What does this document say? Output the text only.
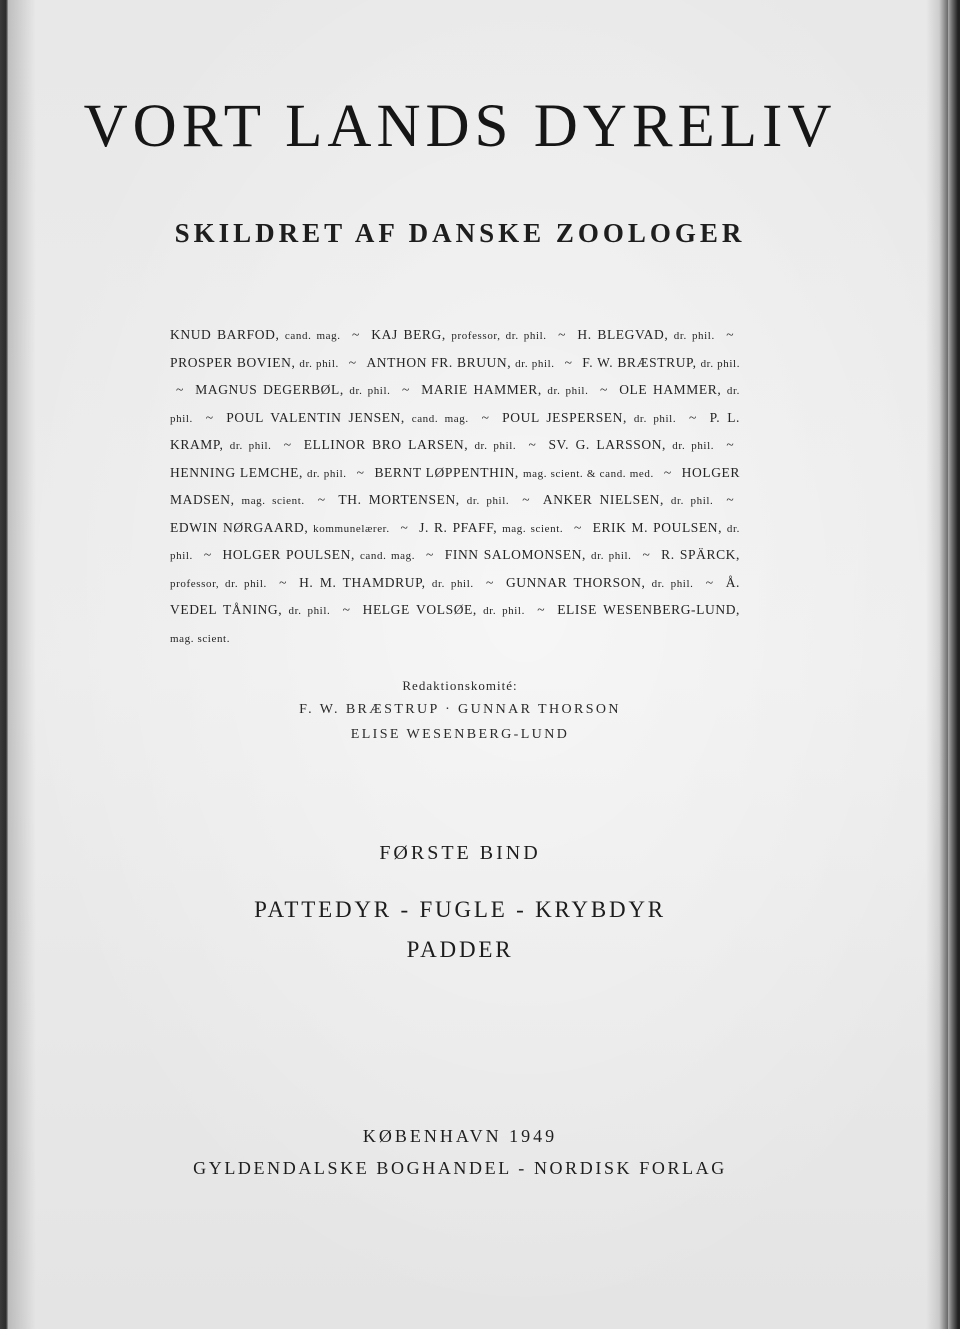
VORT LANDS DYRELIV
SKILDRET AF DANSKE ZOOLOGER

KNUD BARFOD, cand. mag. ~ KAJ BERG, professor, dr. phil. ~ H. BLEGVAD, dr. phil. ~ PROSPER BOVIEN, dr. phil. ~ ANTHON FR. BRUUN, dr. phil. ~ F. W. BRÆSTRUP, dr. phil. ~ MAGNUS DEGERBØL, dr. phil. ~ MARIE HAMMER, dr. phil. ~ OLE HAMMER, dr. phil. ~ POUL VALENTIN JENSEN, cand. mag. ~ POUL JESPERSEN, dr. phil. ~ P. L. KRAMP, dr. phil. ~ ELLINOR BRO LARSEN, dr. phil. ~ SV. G. LARSSON, dr. phil. ~ HENNING LEMCHE, dr. phil. ~ BERNT LØPPENTHIN, mag. scient. & cand. med. ~ HOLGER MADSEN, mag. scient. ~ TH. MORTENSEN, dr. phil. ~ ANKER NIELSEN, dr. phil. ~ EDWIN NØRGAARD, kommunelærer. ~ J. R. PFAFF, mag. scient. ~ ERIK M. POULSEN, dr. phil. ~ HOLGER POULSEN, cand. mag. ~ FINN SALOMONSEN, dr. phil. ~ R. SPÄRCK, professor, dr. phil. ~ H. M. THAMDRUP, dr. phil. ~ GUNNAR THORSON, dr. phil. ~ Å. VEDEL TÅNING, dr. phil. ~ HELGE VOLSØE, dr. phil. ~ ELISE WESENBERG-LUND, mag. scient.

Redaktionskomité:
F. W. BRÆSTRUP · GUNNAR THORSON
ELISE WESENBERG-LUND
FØRSTE BIND
PATTEDYR - FUGLE - KRYBDYR
PADDER
KØBENHAVN 1949
GYLDENDALSKE BOGHANDEL - NORDISK FORLAG
